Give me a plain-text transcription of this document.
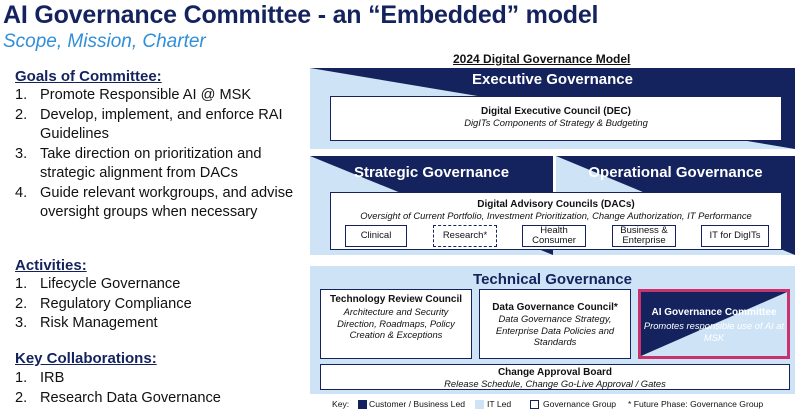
AI Governance Committee - an “Embedded” model
Scope, Mission, Charter
Goals of Committee:
1. Promote Responsible AI @ MSK
2. Develop, implement, and enforce RAI Guidelines
3. Take direction on prioritization and strategic alignment from DACs
4. Guide relevant workgroups, and advise oversight groups when necessary
Activities:
1. Lifecycle Governance
2. Regulatory Compliance
3. Risk Management
Key Collaborations:
1. IRB
2. Research Data Governance
2024 Digital Governance Model
Executive Governance
Digital Executive Council (DEC)
DigITs Components of Strategy & Budgeting
Strategic Governance	Operational Governance
Digital Advisory Councils (DACs)
Oversight of Current Portfolio, Investment Prioritization, Change Authorization, IT Performance
Clinical	Research*	Health Consumer
Business & Enterprise	IT for DigITs
Technical Governance
Technology Review Council
Architecture and Security Direction, Roadmaps, Policy Creation & Exceptions
Data Governance Council*
Data Governance Strategy, Enterprise Data Policies and Standards
AI Governance Committee
Promotes responsible use of AI at MSK
Change Approval Board
Release Schedule, Change Go-Live Approval / Gates
Key: Customer / Business Led	IT Led	Governance Group * Future Phase: Governance Group
